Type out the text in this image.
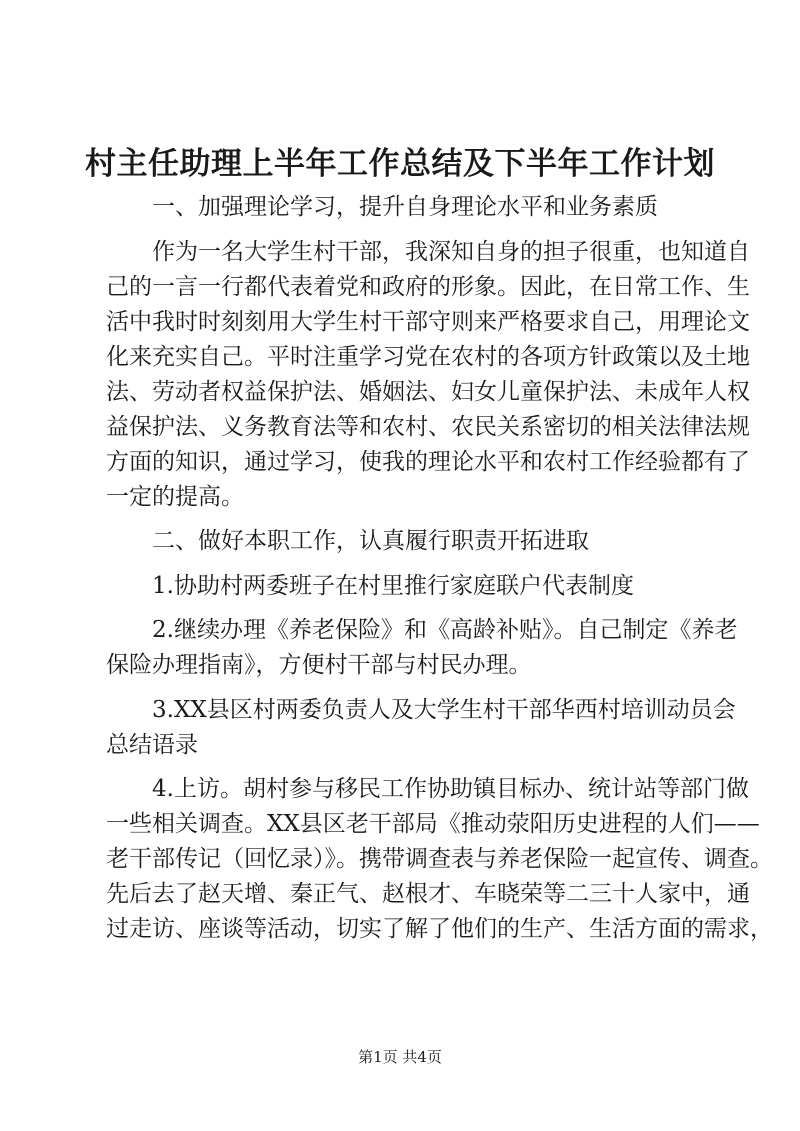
村主任助理上半年工作总结及下半年工作计划
一、加强理论学习，提升自身理论水平和业务素质
作为一名大学生村干部，我深知自身的担子很重，也知道自
己的一言一行都代表着党和政府的形象。因此，在日常工作、生
活中我时时刻刻用大学生村干部守则来严格要求自己，用理论文
化来充实自己。平时注重学习党在农村的各项方针政策以及土地
法、劳动者权益保护法、婚姻法、妇女儿童保护法、未成年人权
益保护法、义务教育法等和农村、农民关系密切的相关法律法规
方面的知识，通过学习，使我的理论水平和农村工作经验都有了
一定的提高。
二、做好本职工作，认真履行职责开拓进取
1.协助村两委班子在村里推行家庭联户代表制度
2.继续办理《养老保险》和《高龄补贴》。自己制定《养老
保险办理指南》，方便村干部与村民办理。
3.XX县区村两委负责人及大学生村干部华西村培训动员会
总结语录
4.上访。胡村参与移民工作协助镇目标办、统计站等部门做
一些相关调查。XX县区老干部局《推动荥阳历史进程的人们——
老干部传记（回忆录）》。携带调查表与养老保险一起宣传、调查。
先后去了赵天增、秦正气、赵根才、车晓荣等二三十人家中，通
过走访、座谈等活动，切实了解了他们的生产、生活方面的需求，
第1页 共4页
